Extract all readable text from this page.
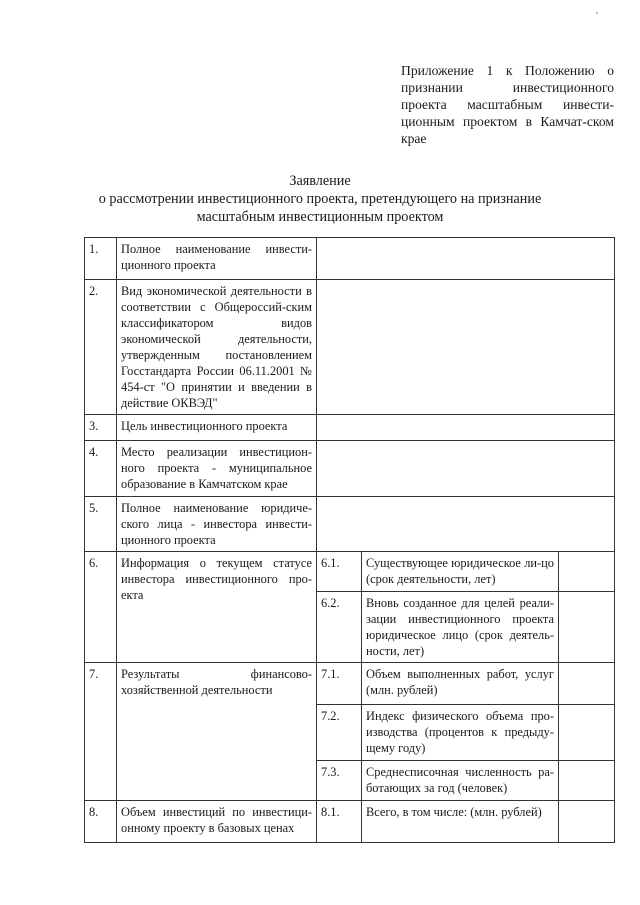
Приложение 1 к Положению о признании инвестиционного проекта масштабным инвести-ционным проектом в Камчат-ском крае

Заявление
о рассмотрении инвестиционного проекта, претендующего на признание
масштабным инвестиционным проектом
1.	Полное наименование инвести-ционного проекта			
2.	Вид экономической деятельности в соответствии с Общероссий-ским классификатором видов экономической деятельности, утвержденным постановлением Госстандарта России 06.11.2001 № 454-ст "О принятии и введении в действие ОКВЭД"			
3.	Цель инвестиционного проекта			
4.	Место реализации инвестицион-ного проекта - муниципальное образование в Камчатском крае			
5.	Полное наименование юридиче-ского лица - инвестора инвести-ционного проекта			
6.	Информация о текущем статусе инвестора инвестиционного про-екта	6.1.	Существующее юридическое ли-цо (срок деятельности, лет)	
		6.2.	Вновь созданное для целей реали-зации инвестиционного проекта юридическое лицо (срок деятель-ности, лет)	
7.	Результаты финансово-хозяйственной деятельности	7.1.	Объем выполненных работ, услуг (млн. рублей)	
		7.2.	Индекс физического объема про-изводства (процентов к предыду-щему году)	
		7.3.	Среднесписочная численность ра-ботающих за год (человек)	
8.	Объем инвестиций по инвестици-онному проекту в базовых ценах	8.1.	Всего, в том числе: (млн. рублей)	
